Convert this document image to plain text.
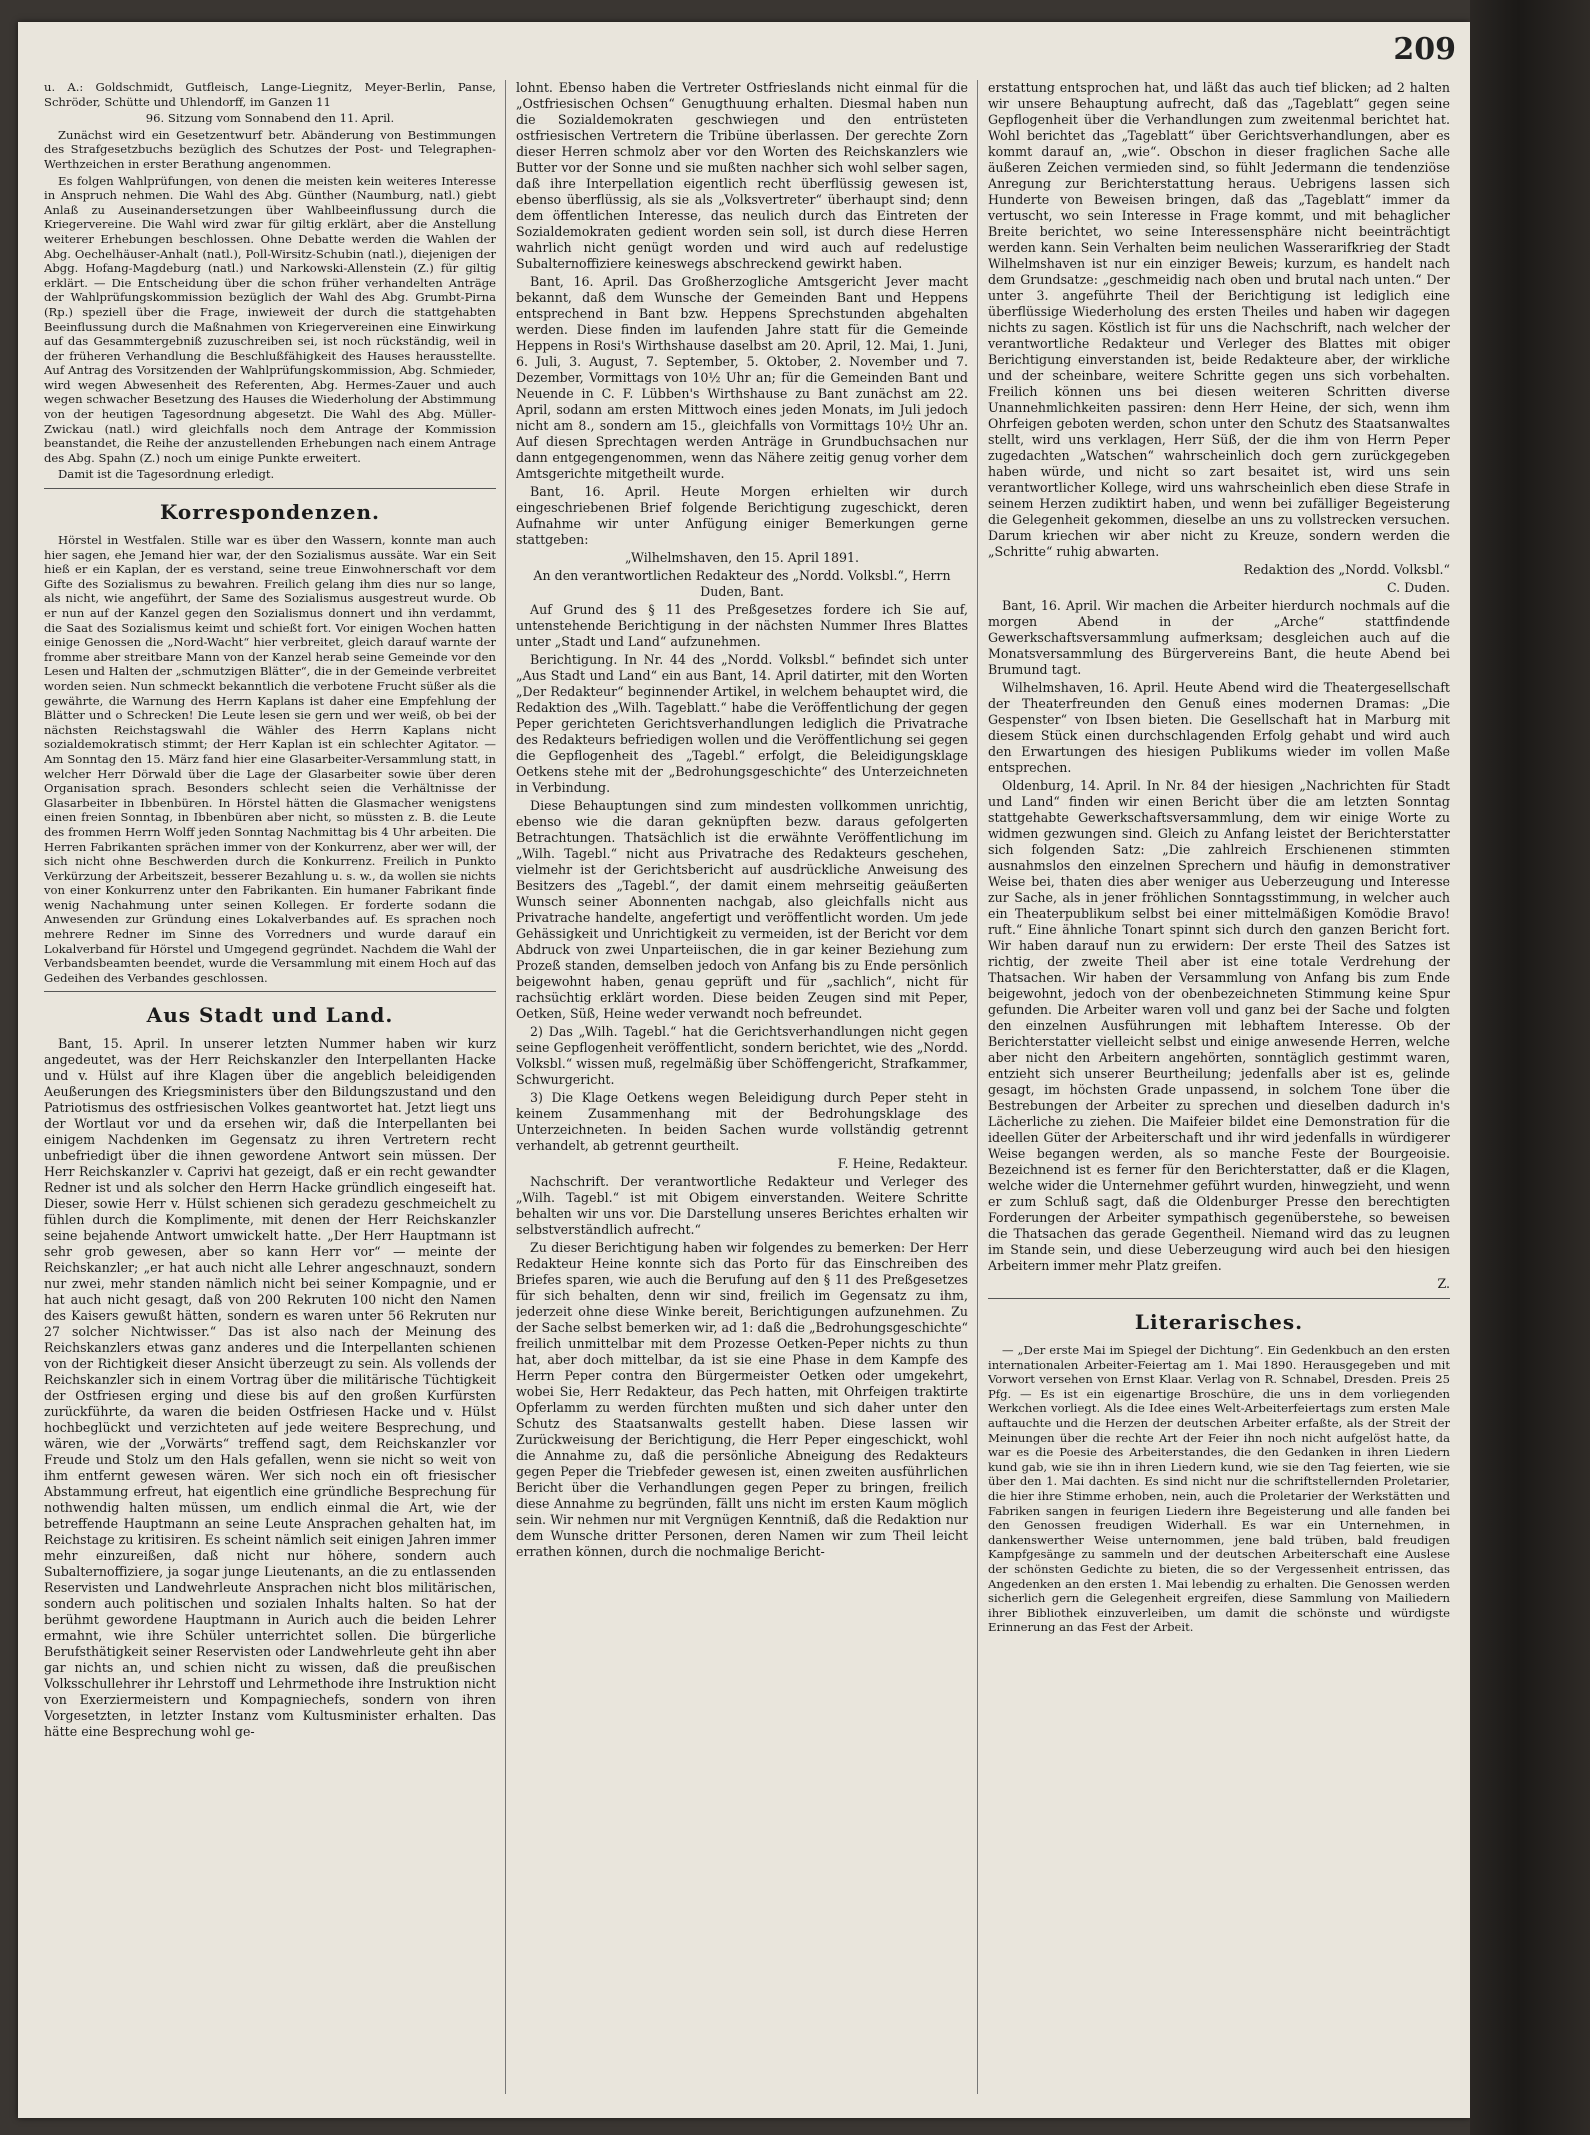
209

u. A.: Goldschmidt, Gutfleisch, Lange-Liegnitz, Meyer-Berlin, Panse, Schröder, Schütte und Uhlendorff, im Ganzen 11

96. Sitzung vom Sonnabend den 11. April.

Zunächst wird ein Gesetzentwurf betr. Abänderung von Bestimmungen des Strafgesetzbuchs bezüglich des Schutzes der Post- und Telegraphen-Werthzeichen in erster Berathung angenommen.

Es folgen Wahlprüfungen, von denen die meisten kein weiteres Interesse in Anspruch nehmen. Die Wahl des Abg. Günther (Naumburg, natl.) giebt Anlaß zu Auseinandersetzungen über Wahlbeeinflussung durch die Kriegervereine. Die Wahl wird zwar für giltig erklärt, aber die Anstellung weiterer Erhebungen beschlossen. Ohne Debatte werden die Wahlen der Abg. Oechelhäuser-Anhalt (natl.), Poll-Wirsitz-Schubin (natl.), diejenigen der Abgg. Hofang-Magdeburg (natl.) und Narkowski-Allenstein (Z.) für giltig erklärt. — Die Entscheidung über die schon früher verhandelten Anträge der Wahlprüfungskommission bezüglich der Wahl des Abg. Grumbt-Pirna (Rp.) speziell über die Frage, inwieweit der durch die stattgehabten Beeinflussung durch die Maßnahmen von Kriegervereinen eine Einwirkung auf das Gesammtergebniß zuzuschreiben sei, ist noch rückständig, weil in der früheren Verhandlung die Beschlußfähigkeit des Hauses herausstellte. Auf Antrag des Vorsitzenden der Wahlprüfungskommission, Abg. Schmieder, wird wegen Abwesenheit des Referenten, Abg. Hermes-Zauer und auch wegen schwacher Besetzung des Hauses die Wiederholung der Abstimmung von der heutigen Tagesordnung abgesetzt. Die Wahl des Abg. Müller-Zwickau (natl.) wird gleichfalls noch dem Antrage der Kommission beanstandet, die Reihe der anzustellenden Erhebungen nach einem Antrage des Abg. Spahn (Z.) noch um einige Punkte erweitert.

Damit ist die Tagesordnung erledigt.

Korrespondenzen.

Hörstel in Westfalen. Stille war es über den Wassern, konnte man auch hier sagen, ehe Jemand hier war, der den Sozialismus aussäte. War ein Seit hieß er ein Kaplan, der es verstand, seine treue Einwohnerschaft vor dem Gifte des Sozialismus zu bewahren. Freilich gelang ihm dies nur so lange, als nicht, wie angeführt, der Same des Sozialismus ausgestreut wurde. Ob er nun auf der Kanzel gegen den Sozialismus donnert und ihn verdammt, die Saat des Sozialismus keimt und schießt fort. Vor einigen Wochen hatten einige Genossen die „Nord-Wacht“ hier verbreitet, gleich darauf warnte der fromme aber streitbare Mann von der Kanzel herab seine Gemeinde vor den Lesen und Halten der „schmutzigen Blätter“, die in der Gemeinde verbreitet worden seien. Nun schmeckt bekanntlich die verbotene Frucht süßer als die gewährte, die Warnung des Herrn Kaplans ist daher eine Empfehlung der Blätter und o Schrecken! Die Leute lesen sie gern und wer weiß, ob bei der nächsten Reichstagswahl die Wähler des Herrn Kaplans nicht sozialdemokratisch stimmt; der Herr Kaplan ist ein schlechter Agitator. — Am Sonntag den 15. März fand hier eine Glasarbeiter-Versammlung statt, in welcher Herr Dörwald über die Lage der Glasarbeiter sowie über deren Organisation sprach. Besonders schlecht seien die Verhältnisse der Glasarbeiter in Ibbenbüren. In Hörstel hätten die Glasmacher wenigstens einen freien Sonntag, in Ibbenbüren aber nicht, so müssten z. B. die Leute des frommen Herrn Wolff jeden Sonntag Nachmittag bis 4 Uhr arbeiten. Die Herren Fabrikanten sprächen immer von der Konkurrenz, aber wer will, der sich nicht ohne Beschwerden durch die Konkurrenz. Freilich in Punkto Verkürzung der Arbeitszeit, besserer Bezahlung u. s. w., da wollen sie nichts von einer Konkurrenz unter den Fabrikanten. Ein humaner Fabrikant finde wenig Nachahmung unter seinen Kollegen. Er forderte sodann die Anwesenden zur Gründung eines Lokalverbandes auf. Es sprachen noch mehrere Redner im Sinne des Vorredners und wurde darauf ein Lokalverband für Hörstel und Umgegend gegründet. Nachdem die Wahl der Verbandsbeamten beendet, wurde die Versammlung mit einem Hoch auf das Gedeihen des Verbandes geschlossen.

Aus Stadt und Land.

Bant, 15. April. In unserer letzten Nummer haben wir kurz angedeutet, was der Herr Reichskanzler den Interpellanten Hacke und v. Hülst auf ihre Klagen über die angeblich beleidigenden Aeußerungen des Kriegsministers über den Bildungszustand und den Patriotismus des ostfriesischen Volkes geantwortet hat. Jetzt liegt uns der Wortlaut vor und da ersehen wir, daß die Interpellanten bei einigem Nachdenken im Gegensatz zu ihren Vertretern recht unbefriedigt über die ihnen gewordene Antwort sein müssen. Der Herr Reichskanzler v. Caprivi hat gezeigt, daß er ein recht gewandter Redner ist und als solcher den Herrn Hacke gründlich eingeseift hat. Dieser, sowie Herr v. Hülst schienen sich geradezu geschmeichelt zu fühlen durch die Komplimente, mit denen der Herr Reichskanzler seine bejahende Antwort umwickelt hatte. „Der Herr Hauptmann ist sehr grob gewesen, aber so kann Herr vor“ — meinte der Reichskanzler; „er hat auch nicht alle Lehrer angeschnauzt, sondern nur zwei, mehr standen nämlich nicht bei seiner Kompagnie, und er hat auch nicht gesagt, daß von 200 Rekruten 100 nicht den Namen des Kaisers gewußt hätten, sondern es waren unter 56 Rekruten nur 27 solcher Nichtwisser.“ Das ist also nach der Meinung des Reichskanzlers etwas ganz anderes und die Interpellanten schienen von der Richtigkeit dieser Ansicht überzeugt zu sein. Als vollends der Reichskanzler sich in einem Vortrag über die militärische Tüchtigkeit der Ostfriesen erging und diese bis auf den großen Kurfürsten zurückführte, da waren die beiden Ostfriesen Hacke und v. Hülst hochbeglückt und verzichteten auf jede weitere Besprechung, und wären, wie der „Vorwärts“ treffend sagt, dem Reichskanzler vor Freude und Stolz um den Hals gefallen, wenn sie nicht so weit von ihm entfernt gewesen wären. Wer sich noch ein oft friesischer Abstammung erfreut, hat eigentlich eine gründliche Besprechung für nothwendig halten müssen, um endlich einmal die Art, wie der betreffende Hauptmann an seine Leute Ansprachen gehalten hat, im Reichstage zu kritisiren. Es scheint nämlich seit einigen Jahren immer mehr einzureißen, daß nicht nur höhere, sondern auch Subalternoffiziere, ja sogar junge Lieutenants, an die zu entlassenden Reservisten und Landwehrleute Ansprachen nicht blos militärischen, sondern auch politischen und sozialen Inhalts halten. So hat der berühmt gewordene Hauptmann in Aurich auch die beiden Lehrer ermahnt, wie ihre Schüler unterrichtet sollen. Die bürgerliche Berufsthätigkeit seiner Reservisten oder Landwehrleute geht ihn aber gar nichts an, und schien nicht zu wissen, daß die preußischen Volksschullehrer ihr Lehrstoff und Lehrmethode ihre Instruktion nicht von Exerziermeistern und Kompagniechefs, sondern von ihren Vorgesetzten, in letzter Instanz vom Kultusminister erhalten. Das hätte eine Besprechung wohl ge-

lohnt. Ebenso haben die Vertreter Ostfrieslands nicht einmal für die „Ostfriesischen Ochsen“ Genugthuung erhalten. Diesmal haben nun die Sozialdemokraten geschwiegen und den entrüsteten ostfriesischen Vertretern die Tribüne überlassen. Der gerechte Zorn dieser Herren schmolz aber vor den Worten des Reichskanzlers wie Butter vor der Sonne und sie mußten nachher sich wohl selber sagen, daß ihre Interpellation eigentlich recht überflüssig gewesen ist, ebenso überflüssig, als sie als „Volksvertreter“ überhaupt sind; denn dem öffentlichen Interesse, das neulich durch das Eintreten der Sozialdemokraten gedient worden sein soll, ist durch diese Herren wahrlich nicht genügt worden und wird auch auf redelustige Subalternoffiziere keineswegs abschreckend gewirkt haben.

Bant, 16. April. Das Großherzogliche Amtsgericht Jever macht bekannt, daß dem Wunsche der Gemeinden Bant und Heppens entsprechend in Bant bzw. Heppens Sprechstunden abgehalten werden. Diese finden im laufenden Jahre statt für die Gemeinde Heppens in Rosi's Wirthshause daselbst am 20. April, 12. Mai, 1. Juni, 6. Juli, 3. August, 7. September, 5. Oktober, 2. November und 7. Dezember, Vormittags von 10½ Uhr an; für die Gemeinden Bant und Neuende in C. F. Lübben's Wirthshause zu Bant zunächst am 22. April, sodann am ersten Mittwoch eines jeden Monats, im Juli jedoch nicht am 8., sondern am 15., gleichfalls von Vormittags 10½ Uhr an. Auf diesen Sprechtagen werden Anträge in Grundbuchsachen nur dann entgegengenommen, wenn das Nähere zeitig genug vorher dem Amtsgerichte mitgetheilt wurde.

Bant, 16. April. Heute Morgen erhielten wir durch eingeschriebenen Brief folgende Berichtigung zugeschickt, deren Aufnahme wir unter Anfügung einiger Bemerkungen gerne stattgeben:

„Wilhelmshaven, den 15. April 1891.

An den verantwortlichen Redakteur des „Nordd. Volksbl.“, Herrn Duden, Bant.

Auf Grund des § 11 des Preßgesetzes fordere ich Sie auf, untenstehende Berichtigung in der nächsten Nummer Ihres Blattes unter „Stadt und Land“ aufzunehmen.

Berichtigung. In Nr. 44 des „Nordd. Volksbl.“ befindet sich unter „Aus Stadt und Land“ ein aus Bant, 14. April datirter, mit den Worten „Der Redakteur“ beginnender Artikel, in welchem behauptet wird, die Redaktion des „Wilh. Tageblatt.“ habe die Veröffentlichung der gegen Peper gerichteten Gerichtsverhandlungen lediglich die Privatrache des Redakteurs befriedigen wollen und die Veröffentlichung sei gegen die Gepflogenheit des „Tagebl.“ erfolgt, die Beleidigungsklage Oetkens stehe mit der „Bedrohungsgeschichte“ des Unterzeichneten in Verbindung.

Diese Behauptungen sind zum mindesten vollkommen unrichtig, ebenso wie die daran geknüpften bezw. daraus gefolgerten Betrachtungen. Thatsächlich ist die erwähnte Veröffentlichung im „Wilh. Tagebl.“ nicht aus Privatrache des Redakteurs geschehen, vielmehr ist der Gerichtsbericht auf ausdrückliche Anweisung des Besitzers des „Tagebl.“, der damit einem mehrseitig geäußerten Wunsch seiner Abonnenten nachgab, also gleichfalls nicht aus Privatrache handelte, angefertigt und veröffentlicht worden. Um jede Gehässigkeit und Unrichtigkeit zu vermeiden, ist der Bericht vor dem Abdruck von zwei Unparteiischen, die in gar keiner Beziehung zum Prozeß standen, demselben jedoch von Anfang bis zu Ende persönlich beigewohnt haben, genau geprüft und für „sachlich“, nicht für rachsüchtig erklärt worden. Diese beiden Zeugen sind mit Peper, Oetken, Süß, Heine weder verwandt noch befreundet.

2) Das „Wilh. Tagebl.“ hat die Gerichtsverhandlungen nicht gegen seine Gepflogenheit veröffentlicht, sondern berichtet, wie des „Nordd. Volksbl.“ wissen muß, regelmäßig über Schöffengericht, Strafkammer, Schwurgericht.

3) Die Klage Oetkens wegen Beleidigung durch Peper steht in keinem Zusammenhang mit der Bedrohungsklage des Unterzeichneten. In beiden Sachen wurde vollständig getrennt verhandelt, ab getrennt geurtheilt.

F. Heine, Redakteur.

Nachschrift. Der verantwortliche Redakteur und Verleger des „Wilh. Tagebl.“ ist mit Obigem einverstanden. Weitere Schritte behalten wir uns vor. Die Darstellung unseres Berichtes erhalten wir selbstverständlich aufrecht.“

Zu dieser Berichtigung haben wir folgendes zu bemerken: Der Herr Redakteur Heine konnte sich das Porto für das Einschreiben des Briefes sparen, wie auch die Berufung auf den § 11 des Preßgesetzes für sich behalten, denn wir sind, freilich im Gegensatz zu ihm, jederzeit ohne diese Winke bereit, Berichtigungen aufzunehmen. Zu der Sache selbst bemerken wir, ad 1: daß die „Bedrohungsgeschichte“ freilich unmittelbar mit dem Prozesse Oetken-Peper nichts zu thun hat, aber doch mittelbar, da ist sie eine Phase in dem Kampfe des Herrn Peper contra den Bürgermeister Oetken oder umgekehrt, wobei Sie, Herr Redakteur, das Pech hatten, mit Ohrfeigen traktirte Opferlamm zu werden fürchten mußten und sich daher unter den Schutz des Staatsanwalts gestellt haben. Diese lassen wir Zurückweisung der Berichtigung, die Herr Peper eingeschickt, wohl die Annahme zu, daß die persönliche Abneigung des Redakteurs gegen Peper die Triebfeder gewesen ist, einen zweiten ausführlichen Bericht über die Verhandlungen gegen Peper zu bringen, freilich diese Annahme zu begründen, fällt uns nicht im ersten Kaum möglich sein. Wir nehmen nur mit Vergnügen Kenntniß, daß die Redaktion nur dem Wunsche dritter Personen, deren Namen wir zum Theil leicht errathen können, durch die nochmalige Bericht-

erstattung entsprochen hat, und läßt das auch tief blicken; ad 2 halten wir unsere Behauptung aufrecht, daß das „Tageblatt“ gegen seine Gepflogenheit über die Verhandlungen zum zweitenmal berichtet hat. Wohl berichtet das „Tageblatt“ über Gerichtsverhandlungen, aber es kommt darauf an, „wie“. Obschon in dieser fraglichen Sache alle äußeren Zeichen vermieden sind, so fühlt Jedermann die tendenziöse Anregung zur Berichterstattung heraus. Uebrigens lassen sich Hunderte von Beweisen bringen, daß das „Tageblatt“ immer da vertuscht, wo sein Interesse in Frage kommt, und mit behaglicher Breite berichtet, wo seine Interessensphäre nicht beeinträchtigt werden kann. Sein Verhalten beim neulichen Wasserarifkrieg der Stadt Wilhelmshaven ist nur ein einziger Beweis; kurzum, es handelt nach dem Grundsatze: „geschmeidig nach oben und brutal nach unten.“ Der unter 3. angeführte Theil der Berichtigung ist lediglich eine überflüssige Wiederholung des ersten Theiles und haben wir dagegen nichts zu sagen. Köstlich ist für uns die Nachschrift, nach welcher der verantwortliche Redakteur und Verleger des Blattes mit obiger Berichtigung einverstanden ist, beide Redakteure aber, der wirkliche und der scheinbare, weitere Schritte gegen uns sich vorbehalten. Freilich können uns bei diesen weiteren Schritten diverse Unannehmlichkeiten passiren: denn Herr Heine, der sich, wenn ihm Ohrfeigen geboten werden, schon unter den Schutz des Staatsanwaltes stellt, wird uns verklagen, Herr Süß, der die ihm von Herrn Peper zugedachten „Watschen“ wahrscheinlich doch gern zurückgegeben haben würde, und nicht so zart besaitet ist, wird uns sein verantwortlicher Kollege, wird uns wahrscheinlich eben diese Strafe in seinem Herzen zudiktirt haben, und wenn bei zufälliger Begeisterung die Gelegenheit gekommen, dieselbe an uns zu vollstrecken versuchen. Darum kriechen wir aber nicht zu Kreuze, sondern werden die „Schritte“ ruhig abwarten.

Redaktion des „Nordd. Volksbl.“

C. Duden.

Bant, 16. April. Wir machen die Arbeiter hierdurch nochmals auf die morgen Abend in der „Arche“ stattfindende Gewerkschaftsversammlung aufmerksam; desgleichen auch auf die Monatsversammlung des Bürgervereins Bant, die heute Abend bei Brumund tagt.

Wilhelmshaven, 16. April. Heute Abend wird die Theatergesellschaft der Theaterfreunden den Genuß eines modernen Dramas: „Die Gespenster“ von Ibsen bieten. Die Gesellschaft hat in Marburg mit diesem Stück einen durchschlagenden Erfolg gehabt und wird auch den Erwartungen des hiesigen Publikums wieder im vollen Maße entsprechen.

Oldenburg, 14. April. In Nr. 84 der hiesigen „Nachrichten für Stadt und Land“ finden wir einen Bericht über die am letzten Sonntag stattgehabte Gewerkschaftsversammlung, dem wir einige Worte zu widmen gezwungen sind. Gleich zu Anfang leistet der Berichterstatter sich folgenden Satz: „Die zahlreich Erschienenen stimmten ausnahmslos den einzelnen Sprechern und häufig in demonstrativer Weise bei, thaten dies aber weniger aus Ueberzeugung und Interesse zur Sache, als in jener fröhlichen Sonntagsstimmung, in welcher auch ein Theaterpublikum selbst bei einer mittelmäßigen Komödie Bravo! ruft.“ Eine ähnliche Tonart spinnt sich durch den ganzen Bericht fort. Wir haben darauf nun zu erwidern: Der erste Theil des Satzes ist richtig, der zweite Theil aber ist eine totale Verdrehung der Thatsachen. Wir haben der Versammlung von Anfang bis zum Ende beigewohnt, jedoch von der obenbezeichneten Stimmung keine Spur gefunden. Die Arbeiter waren voll und ganz bei der Sache und folgten den einzelnen Ausführungen mit lebhaftem Interesse. Ob der Berichterstatter vielleicht selbst und einige anwesende Herren, welche aber nicht den Arbeitern angehörten, sonntäglich gestimmt waren, entzieht sich unserer Beurtheilung; jedenfalls aber ist es, gelinde gesagt, im höchsten Grade unpassend, in solchem Tone über die Bestrebungen der Arbeiter zu sprechen und dieselben dadurch in's Lächerliche zu ziehen. Die Maifeier bildet eine Demonstration für die ideellen Güter der Arbeiterschaft und ihr wird jedenfalls in würdigerer Weise begangen werden, als so manche Feste der Bourgeoisie. Bezeichnend ist es ferner für den Berichterstatter, daß er die Klagen, welche wider die Unternehmer geführt wurden, hinwegzieht, und wenn er zum Schluß sagt, daß die Oldenburger Presse den berechtigten Forderungen der Arbeiter sympathisch gegenüberstehe, so beweisen die Thatsachen das gerade Gegentheil. Niemand wird das zu leugnen im Stande sein, und diese Ueberzeugung wird auch bei den hiesigen Arbeitern immer mehr Platz greifen.

Z.

Literarisches.

— „Der erste Mai im Spiegel der Dichtung“. Ein Gedenkbuch an den ersten internationalen Arbeiter-Feiertag am 1. Mai 1890. Herausgegeben und mit Vorwort versehen von Ernst Klaar. Verlag von R. Schnabel, Dresden. Preis 25 Pfg. — Es ist ein eigenartige Broschüre, die uns in dem vorliegenden Werkchen vorliegt. Als die Idee eines Welt-Arbeiterfeiertags zum ersten Male auftauchte und die Herzen der deutschen Arbeiter erfaßte, als der Streit der Meinungen über die rechte Art der Feier ihn noch nicht aufgelöst hatte, da war es die Poesie des Arbeiterstandes, die den Gedanken in ihren Liedern kund gab, wie sie ihn in ihren Liedern kund, wie sie den Tag feierten, wie sie über den 1. Mai dachten. Es sind nicht nur die schriftstellernden Proletarier, die hier ihre Stimme erhoben, nein, auch die Proletarier der Werkstätten und Fabriken sangen in feurigen Liedern ihre Begeisterung und alle fanden bei den Genossen freudigen Widerhall. Es war ein Unternehmen, in dankenswerther Weise unternommen, jene bald trüben, bald freudigen Kampfgesänge zu sammeln und der deutschen Arbeiterschaft eine Auslese der schönsten Gedichte zu bieten, die so der Vergessenheit entrissen, das Angedenken an den ersten 1. Mai lebendig zu erhalten. Die Genossen werden sicherlich gern die Gelegenheit ergreifen, diese Sammlung von Mailiedern ihrer Bibliothek einzuverleiben, um damit die schönste und würdigste Erinnerung an das Fest der Arbeit.
